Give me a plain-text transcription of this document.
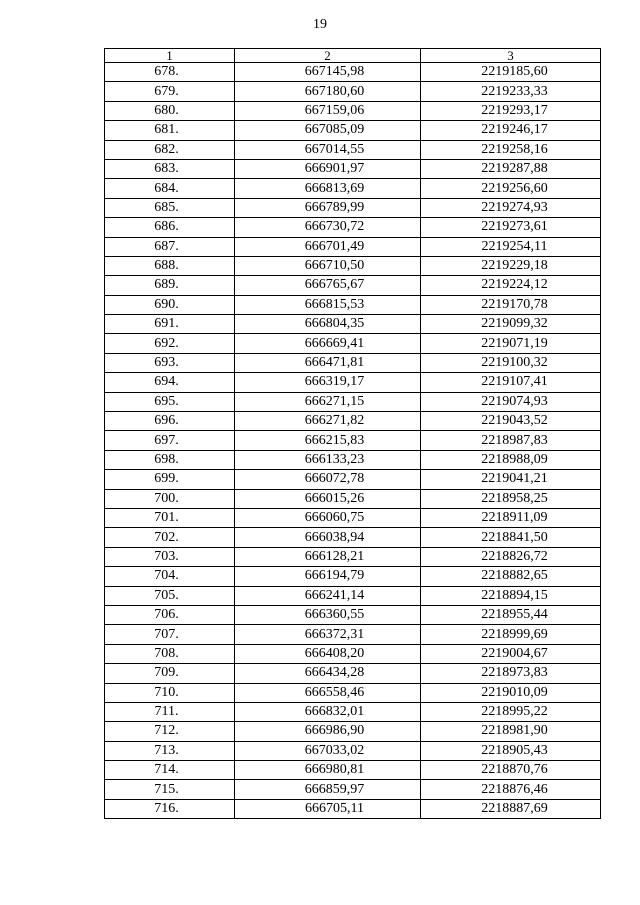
19
1	2	3
678.	667145,98	2219185,60
679.	667180,60	2219233,33
680.	667159,06	2219293,17
681.	667085,09	2219246,17
682.	667014,55	2219258,16
683.	666901,97	2219287,88
684.	666813,69	2219256,60
685.	666789,99	2219274,93
686.	666730,72	2219273,61
687.	666701,49	2219254,11
688.	666710,50	2219229,18
689.	666765,67	2219224,12
690.	666815,53	2219170,78
691.	666804,35	2219099,32
692.	666669,41	2219071,19
693.	666471,81	2219100,32
694.	666319,17	2219107,41
695.	666271,15	2219074,93
696.	666271,82	2219043,52
697.	666215,83	2218987,83
698.	666133,23	2218988,09
699.	666072,78	2219041,21
700.	666015,26	2218958,25
701.	666060,75	2218911,09
702.	666038,94	2218841,50
703.	666128,21	2218826,72
704.	666194,79	2218882,65
705.	666241,14	2218894,15
706.	666360,55	2218955,44
707.	666372,31	2218999,69
708.	666408,20	2219004,67
709.	666434,28	2218973,83
710.	666558,46	2219010,09
711.	666832,01	2218995,22
712.	666986,90	2218981,90
713.	667033,02	2218905,43
714.	666980,81	2218870,76
715.	666859,97	2218876,46
716.	666705,11	2218887,69
